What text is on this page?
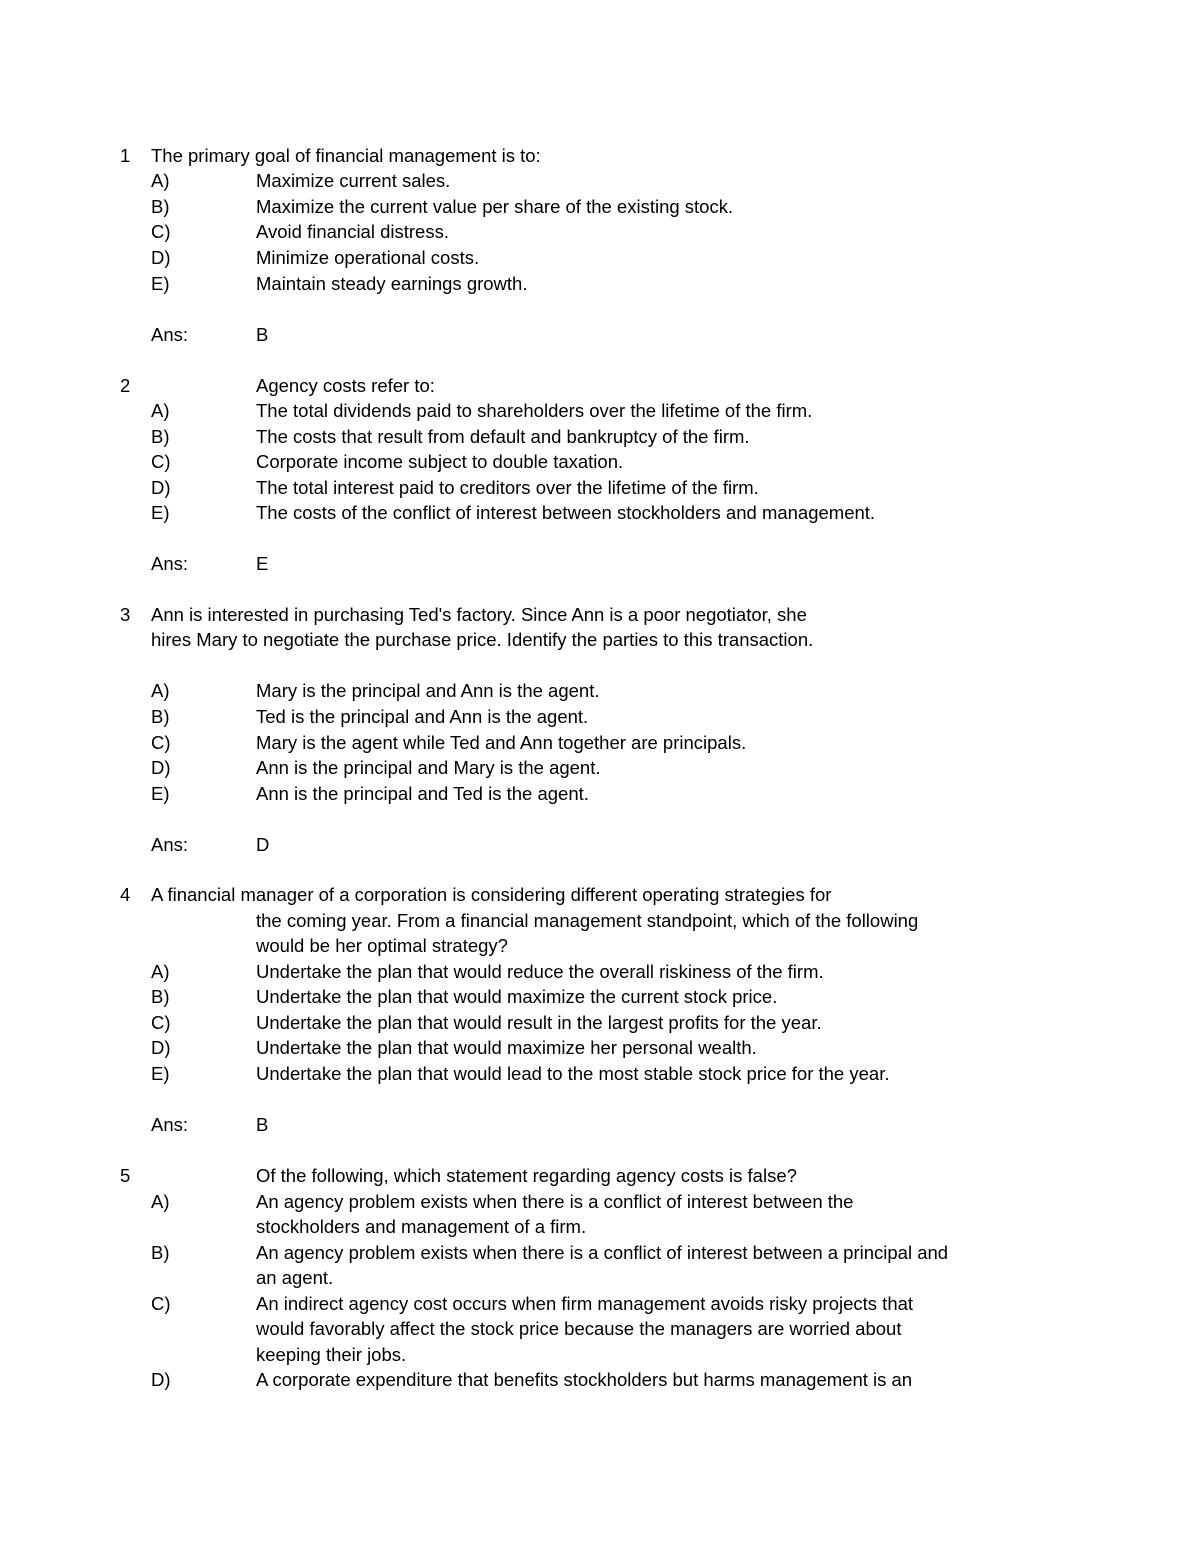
1 The primary goal of financial management is to:
A)	Maximize current sales.
B)	Maximize the current value per share of the existing stock.
C)	Avoid financial distress.
D)	Minimize operational costs.
E)	Maintain steady earnings growth.
Ans:	B
2	Agency costs refer to:
A)	The total dividends paid to shareholders over the lifetime of the firm.
B)	The costs that result from default and bankruptcy of the firm.
C)	Corporate income subject to double taxation.
D)	The total interest paid to creditors over the lifetime of the firm.
E)	The costs of the conflict of interest between stockholders and management.
Ans:	E
3 Ann is interested in purchasing Ted's factory. Since Ann is a poor negotiator, she
hires Mary to negotiate the purchase price. Identify the parties to this transaction.
A)	Mary is the principal and Ann is the agent.
B)	Ted is the principal and Ann is the agent.
C)	Mary is the agent while Ted and Ann together are principals.
D)	Ann is the principal and Mary is the agent.
E)	Ann is the principal and Ted is the agent.
Ans:	D
4 A financial manager of a corporation is considering different operating strategies for
the coming year. From a financial management standpoint, which of the following
would be her optimal strategy?
A)	Undertake the plan that would reduce the overall riskiness of the firm.
B)	Undertake the plan that would maximize the current stock price.
C)	Undertake the plan that would result in the largest profits for the year.
D)	Undertake the plan that would maximize her personal wealth.
E)	Undertake the plan that would lead to the most stable stock price for the year.
Ans:	B
5	Of the following, which statement regarding agency costs is false?
A)	An agency problem exists when there is a conflict of interest between the
stockholders and management of a firm.
B)	An agency problem exists when there is a conflict of interest between a principal and
an agent.
C)	An indirect agency cost occurs when firm management avoids risky projects that
would favorably affect the stock price because the managers are worried about
keeping their jobs.
D)	A corporate expenditure that benefits stockholders but harms management is an
